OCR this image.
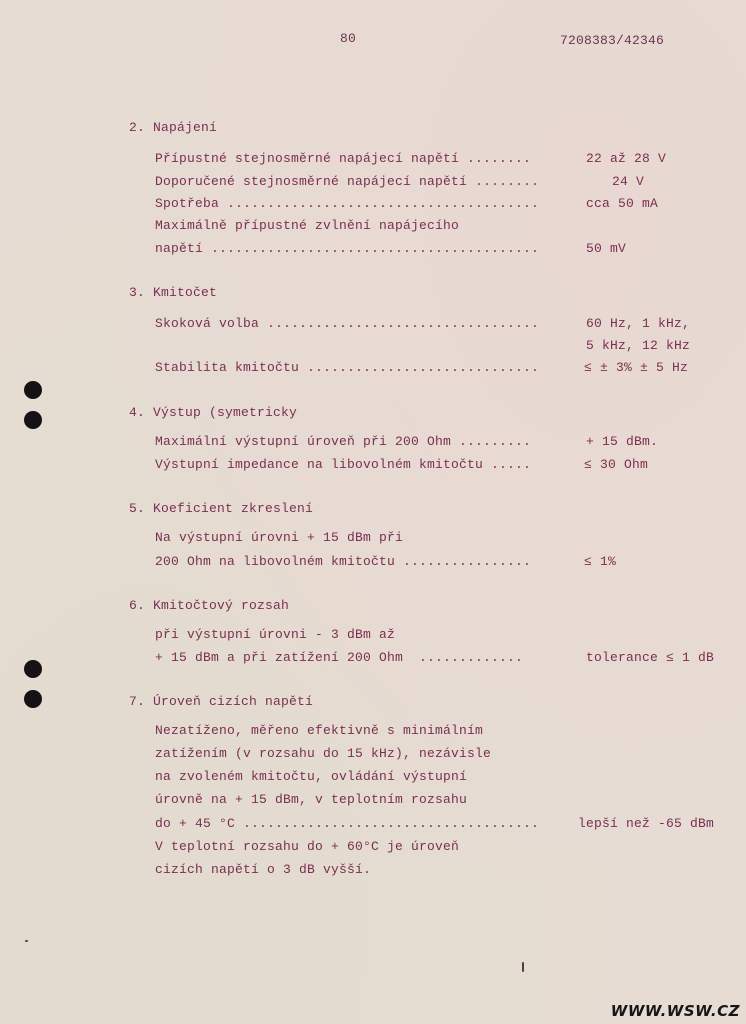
80	7208383/42346
2. Napájení
Přípustné stejnosměrné napájecí napětí ........	22 až 28 V
Doporučené stejnosměrné napájecí napětí ........	24 V
Spotřeba .......................................	cca 50 mA
Maximálně přípustné zvlnění napájecího
napětí .........................................	50 mV
3. Kmitočet
Skoková volba ..................................	60 Hz, 1 kHz,
5 kHz, 12 kHz
Stabilita kmitočtu .............................	≤ ± 3% ± 5 Hz
4. Výstup (symetricky
Maximální výstupní úroveň při 200 Ohm .........	+ 15 dBm.
Výstupní impedance na libovolném kmitočtu .....	≤ 30 Ohm
5. Koeficient zkreslení
Na výstupní úrovni + 15 dBm při
200 Ohm na libovolném kmitočtu ................	≤ 1%
6. Kmitočtový rozsah
při výstupní úrovni - 3 dBm až
+ 15 dBm a při zatížení 200 Ohm  .............	tolerance ≤ 1 dB
7. Úroveň cizích napětí
Nezatíženo, měřeno efektivně s minimálním
zatížením (v rozsahu do 15 kHz), nezávisle
na zvoleném kmitočtu, ovládání výstupní
úrovně na + 15 dBm, v teplotním rozsahu
do + 45 °C .....................................	lepší než -65 dBm
V teplotní rozsahu do + 60°C je úroveň
cizích napětí o 3 dB vyšší.
WWW.WSW.CZ
